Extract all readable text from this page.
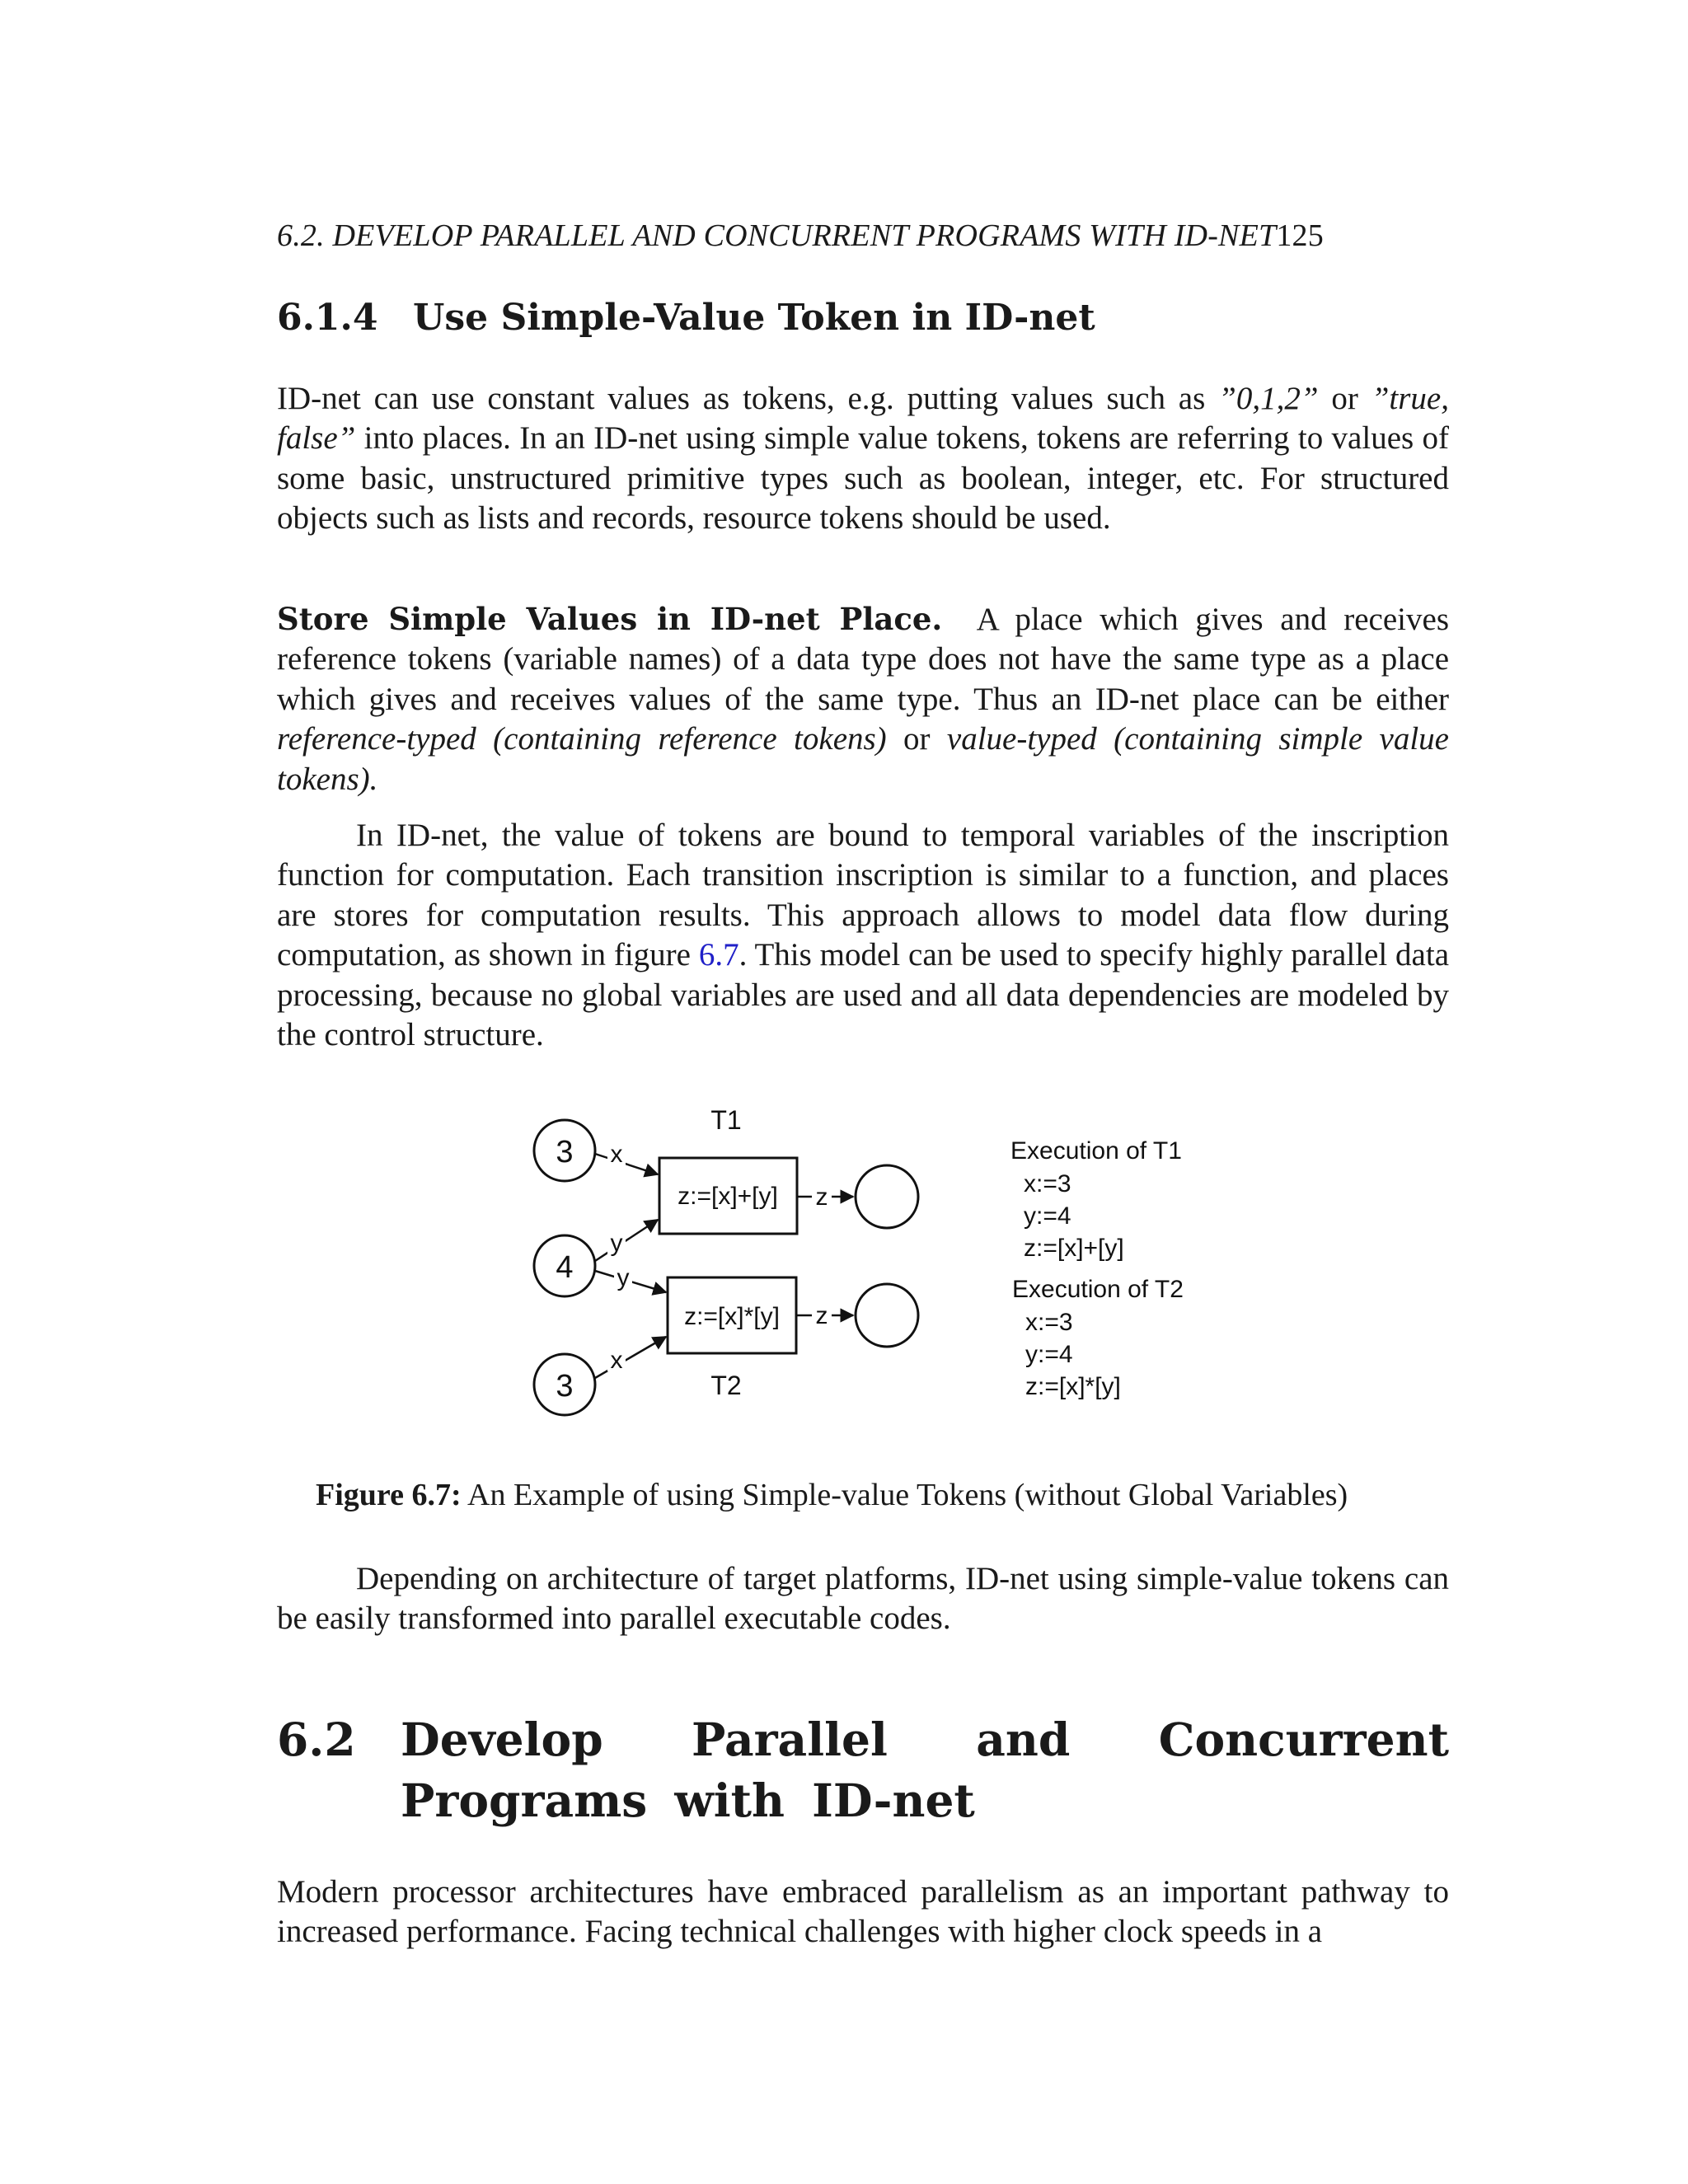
6.2. DEVELOP PARALLEL AND CONCURRENT PROGRAMS WITH ID-NET125
6.1.4 Use Simple-Value Token in ID-net

ID-net can use constant values as tokens, e.g. putting values such as ”0,1,2” or ”true, false” into places. In an ID-net using simple value tokens, tokens are referring to values of some basic, unstructured primitive types such as boolean, integer, etc. For structured objects such as lists and records, resource tokens should be used.

Store Simple Values in ID-net Place. A place which gives and receives reference tokens (variable names) of a data type does not have the same type as a place which gives and receives values of the same type. Thus an ID-net place can be either reference-typed (containing reference tokens) or value-typed (containing simple value tokens).

In ID-net, the value of tokens are bound to temporal variables of the inscription function for computation. Each transition inscription is similar to a function, and places are stores for computation results. This approach allows to model data flow during computation, as shown in figure 6.7. This model can be used to specify highly parallel data processing, because no global variables are used and all data dependencies are modeled by the control structure.

3
4
3
T1
T2
z:=[x]+[y]
z:=[x]*[y]
x
y
y
x
z
z
Execution of T1
x:=3
y:=4
z:=[x]+[y]
Execution of T2
x:=3
y:=4
z:=[x]*[y]
Figure 6.7: An Example of using Simple-value Tokens (without Global Variables)

Depending on architecture of target platforms, ID-net using simple-value tokens can be easily transformed into parallel executable codes.

6.2 Develop Parallel and Concurrent Programs with ID-net

Modern processor architectures have embraced parallelism as an important pathway to increased performance. Facing technical challenges with higher clock speeds in a
